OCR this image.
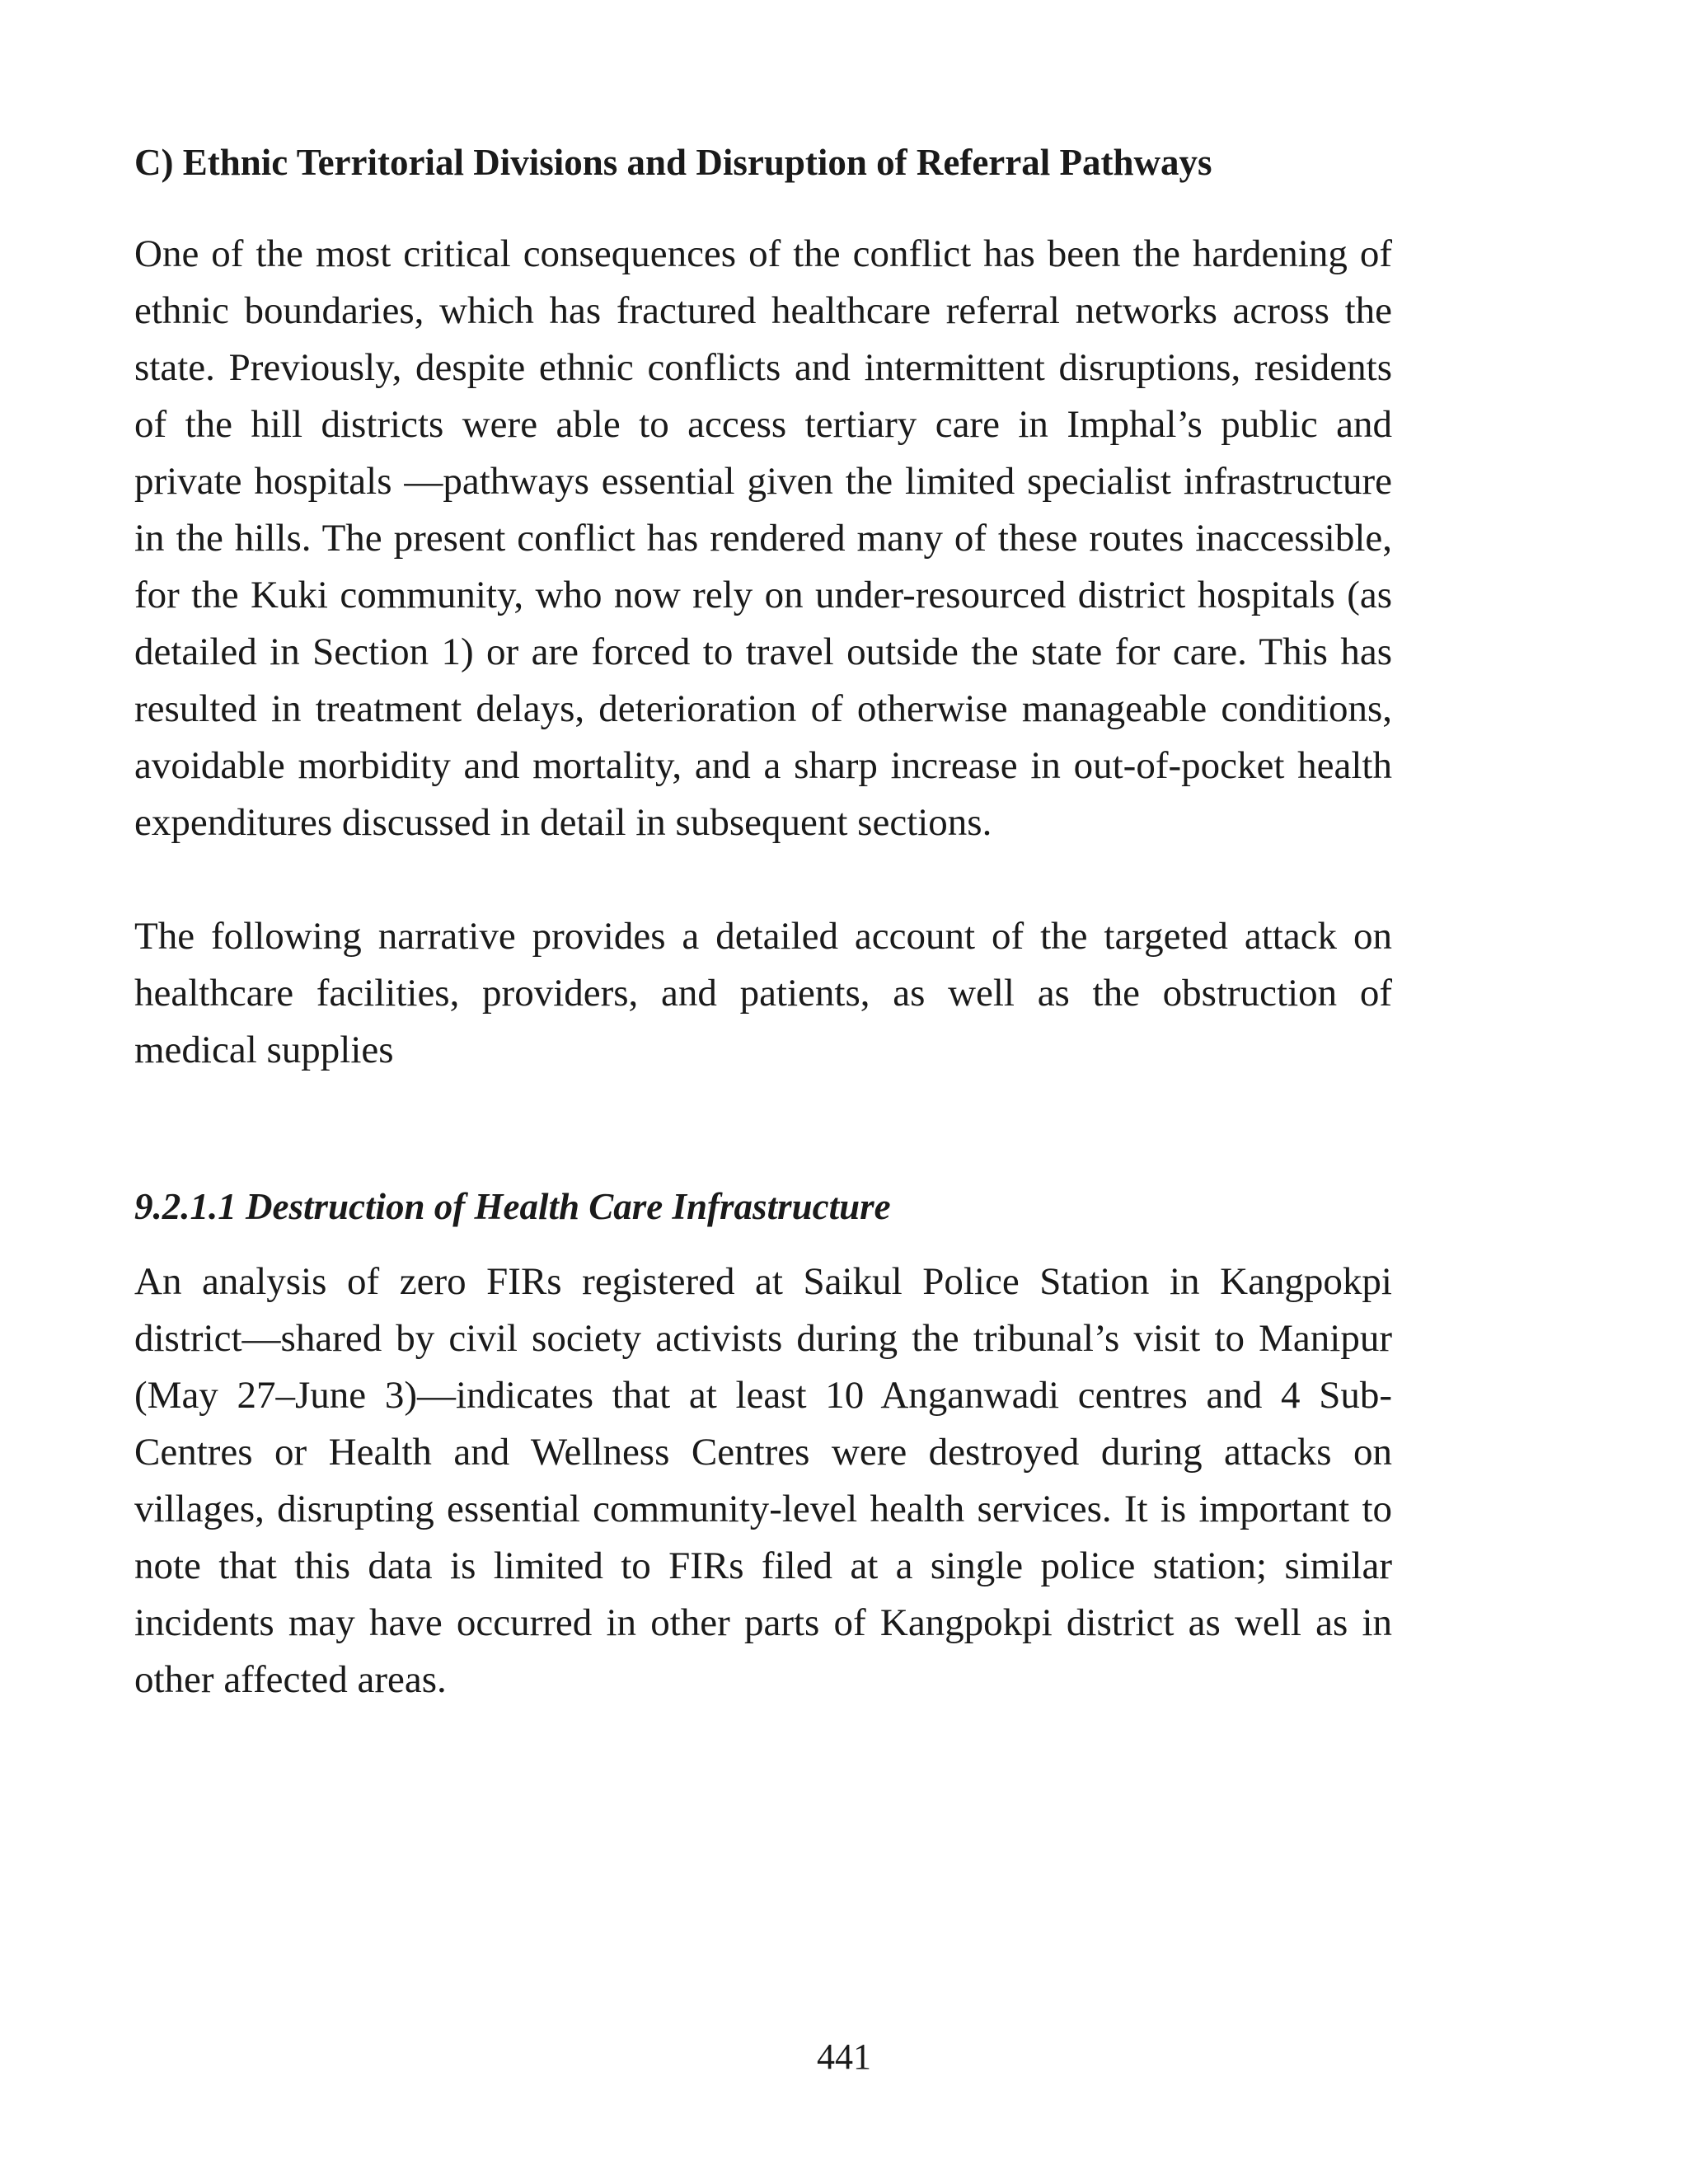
C) Ethnic Territorial Divisions and Disruption of Referral Pathways

One of the most critical consequences of the conflict has been the hardening of ethnic boundaries, which has fractured healthcare referral networks across the state. Previously, despite ethnic conflicts and intermittent disruptions, residents of the hill districts were able to access tertiary care in Imphal’s public and private hospitals —pathways essential given the limited specialist infrastructure in the hills. The present conflict has rendered many of these routes inaccessible, for the Kuki community, who now rely on under-resourced district hospitals (as detailed in Section 1) or are forced to travel outside the state for care. This has resulted in treatment delays, deterioration of otherwise manageable conditions, avoidable morbidity and mortality, and a sharp increase in out-of-pocket health expenditures discussed in detail in subsequent sections.

The following narrative provides a detailed account of the targeted attack on healthcare facilities, providers, and patients, as well as the obstruction of medical supplies

9.2.1.1 Destruction of Health Care Infrastructure

An analysis of zero FIRs registered at Saikul Police Station in Kangpokpi district—shared by civil society activists during the tribunal’s visit to Manipur (May 27–June 3)—indicates that at least 10 Anganwadi centres and 4 Sub-Centres or Health and Wellness Centres were destroyed during attacks on villages, disrupting essential community-level health services. It is important to note that this data is limited to FIRs filed at a single police station; similar incidents may have occurred in other parts of Kangpokpi district as well as in other affected areas.

441
